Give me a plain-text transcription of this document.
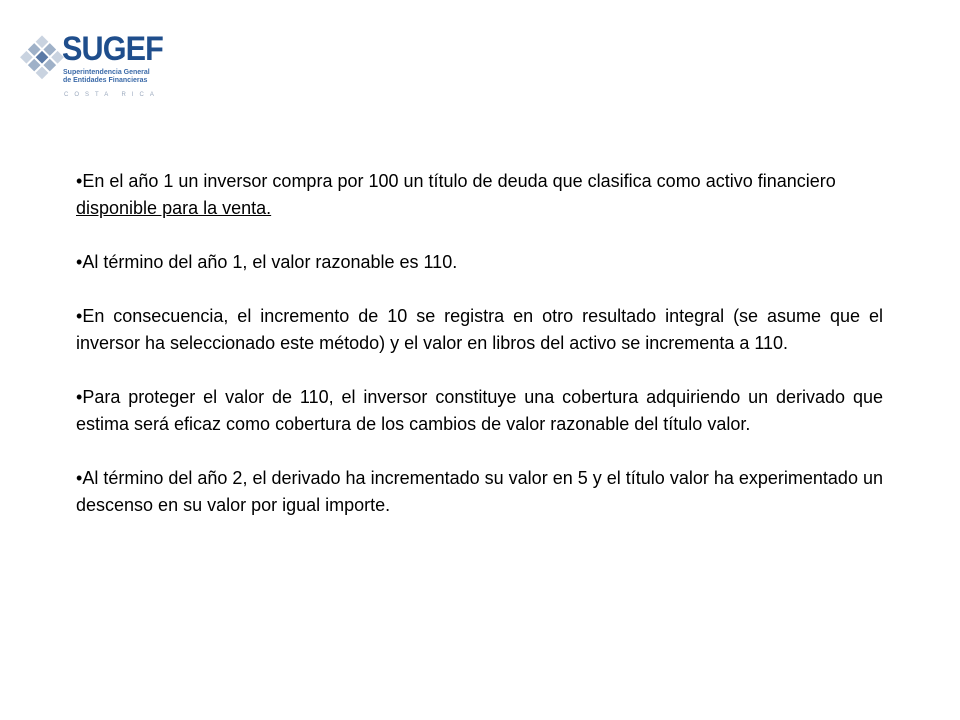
SUGEF
Superintendencia General
de Entidades Financieras
COSTA RICA

•En el año 1 un inversor compra por 100 un título de deuda que clasifica como activo financiero disponible para la venta.

•Al término del año 1, el valor razonable es 110.

•En consecuencia, el incremento de 10 se registra en otro resultado integral (se asume que el inversor ha seleccionado este método) y el valor en libros del activo se incrementa a 110.

•Para proteger el valor de 110, el inversor constituye una cobertura adquiriendo un derivado que estima será eficaz como cobertura de los cambios de valor razonable del título valor.

•Al término del año 2, el derivado ha incrementado su valor en 5 y el título valor ha experimentado un descenso en su valor por igual importe.
